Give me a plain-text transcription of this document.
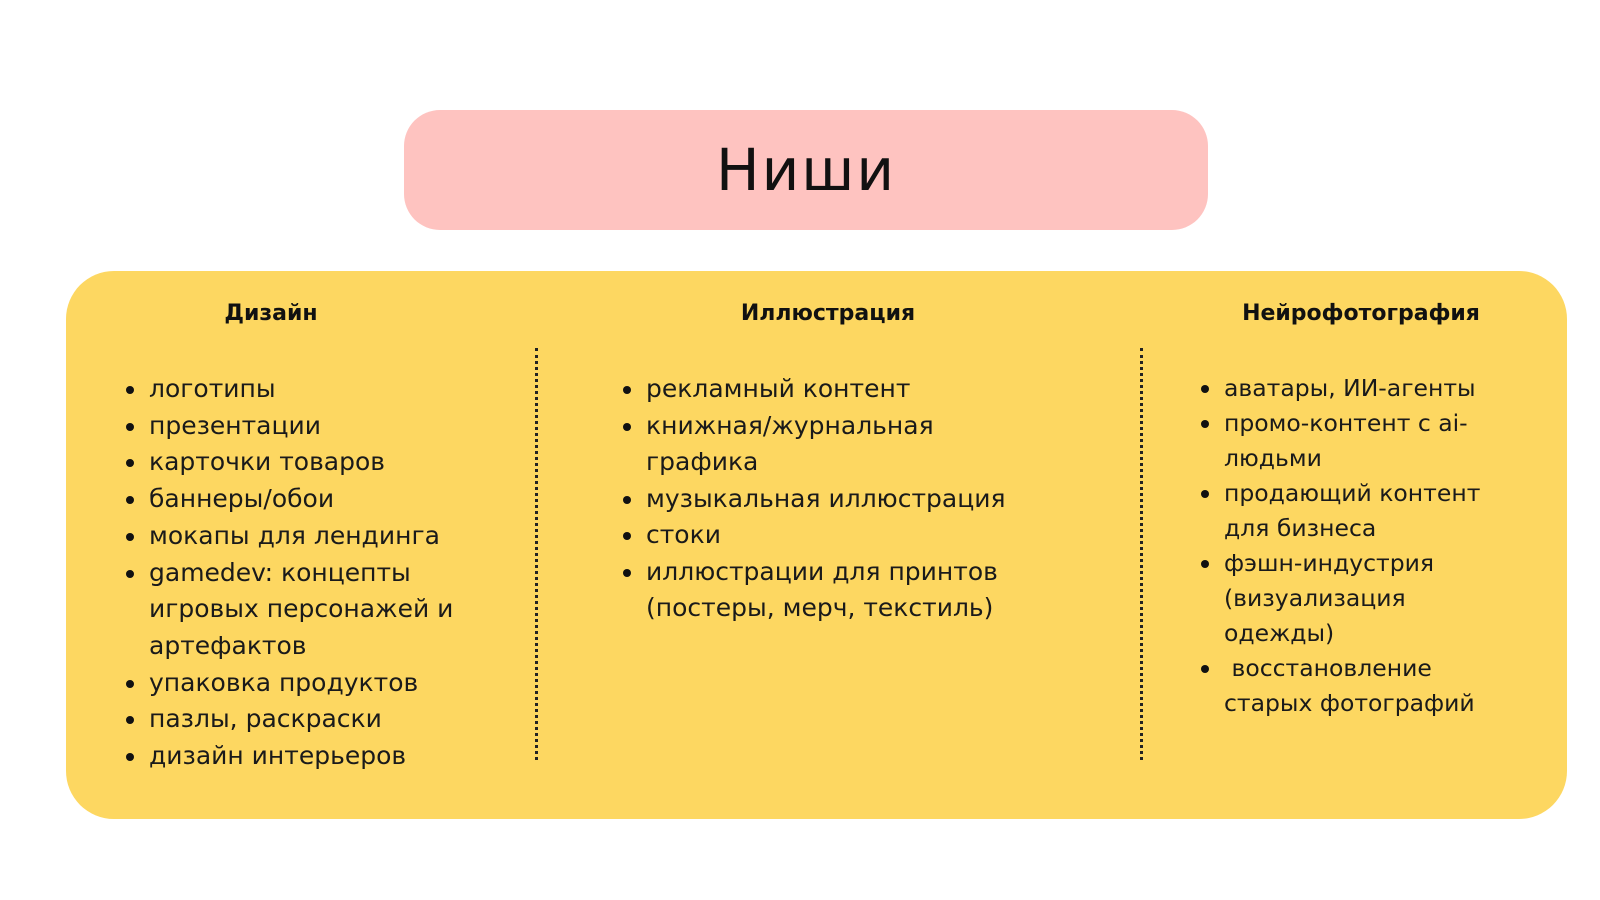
Ниши
Дизайн
логотипы
презентации
карточки товаров
баннеры/обои
мокапы для лендинга
gamedev: концепты игровых персонажей и артефактов
упаковка продуктов
пазлы, раскраски
дизайн интерьеров
Иллюстрация
рекламный контент
книжная/журнальная графика
музыкальная иллюстрация
стоки
иллюстрации для принтов (постеры, мерч, текстиль)
Нейрофотография
аватары, ИИ-агенты
промо-контент с ai-людьми
продающий контент для бизнеса
фэшн-индустрия (визуализация одежды)
восстановление старых фотографий
